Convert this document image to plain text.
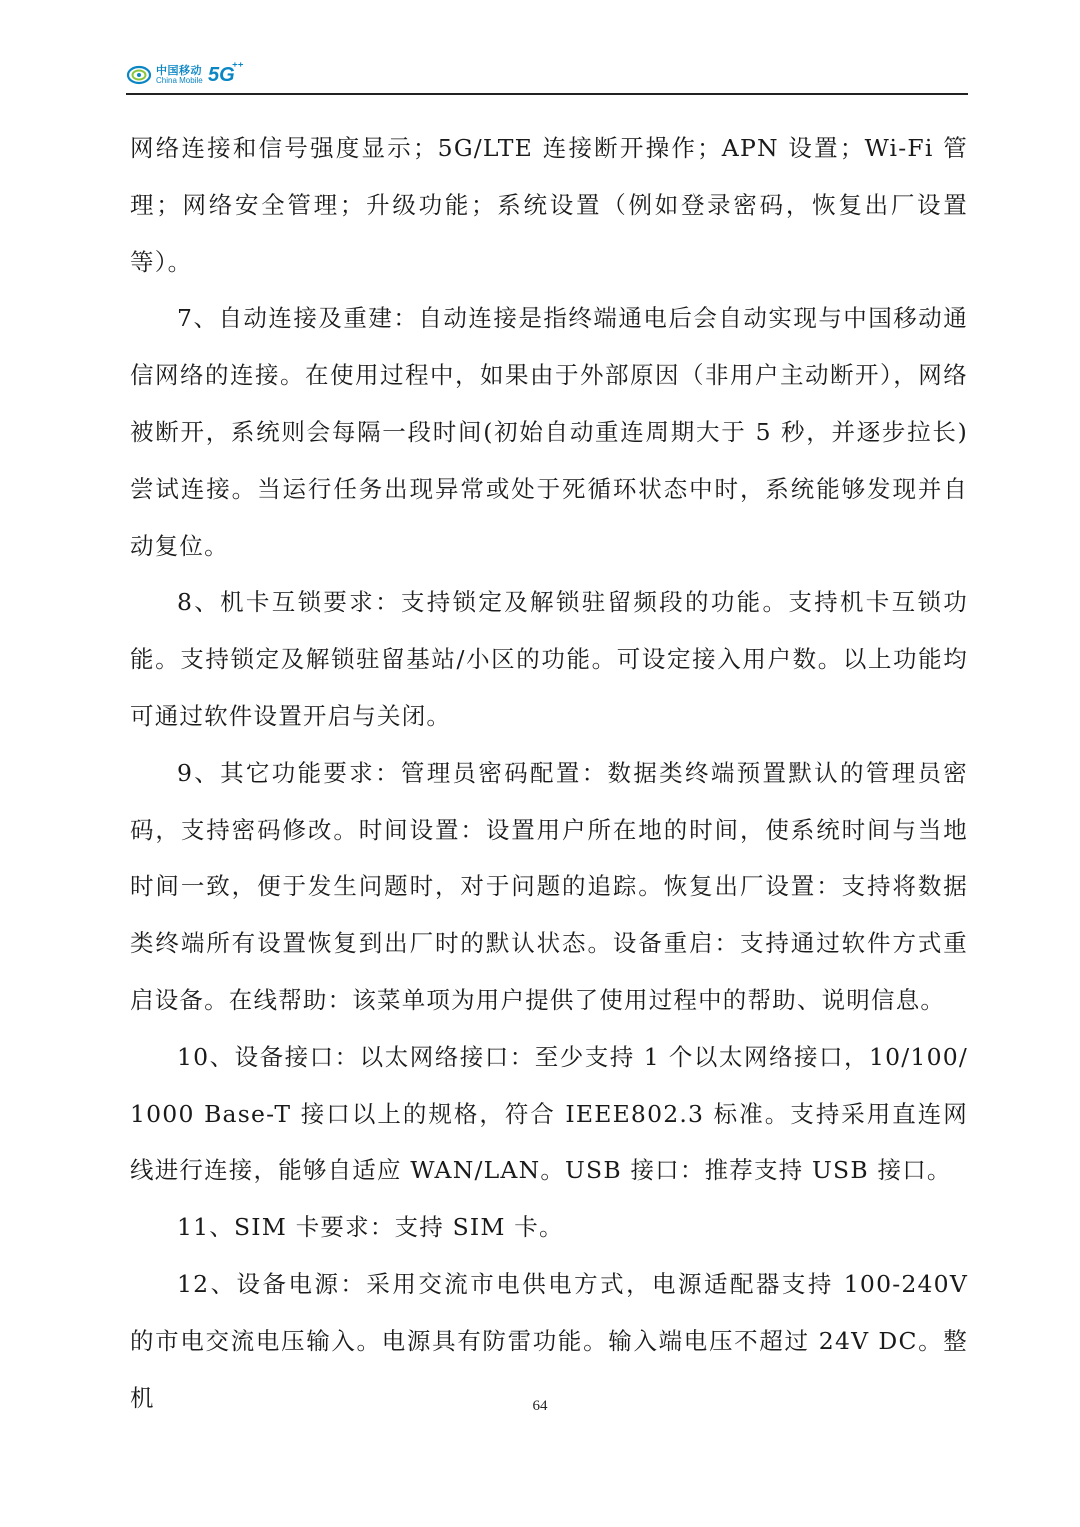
中国移动
China Mobile 5G
⁺⁺

网络连接和信号强度显示；5G/LTE 连接断开操作；APN 设置；Wi-Fi 管理；网络安全管理；升级功能；系统设置（例如登录密码，恢复出厂设置等）。

7、自动连接及重建：自动连接是指终端通电后会自动实现与中国移动通信网络的连接。在使用过程中，如果由于外部原因（非用户主动断开），网络被断开，系统则会每隔一段时间(初始自动重连周期大于 5 秒，并逐步拉长)尝试连接。当运行任务出现异常或处于死循环状态中时，系统能够发现并自动复位。

8、机卡互锁要求：支持锁定及解锁驻留频段的功能。支持机卡互锁功能。支持锁定及解锁驻留基站/小区的功能。可设定接入用户数。以上功能均可通过软件设置开启与关闭。

9、其它功能要求：管理员密码配置：数据类终端预置默认的管理员密码，支持密码修改。时间设置：设置用户所在地的时间，使系统时间与当地时间一致，便于发生问题时，对于问题的追踪。恢复出厂设置：支持将数据类终端所有设置恢复到出厂时的默认状态。设备重启：支持通过软件方式重启设备。在线帮助：该菜单项为用户提供了使用过程中的帮助、说明信息。

10、设备接口：以太网络接口：至少支持 1 个以太网络接口，10/100/1000 Base-T 接口以上的规格，符合 IEEE802.3 标准。支持采用直连网线进行连接，能够自适应 WAN/LAN。USB 接口：推荐支持 USB 接口。

11、SIM 卡要求：支持 SIM 卡。

12、设备电源：采用交流市电供电方式，电源适配器支持 100-240V 的市电交流电压输入。电源具有防雷功能。输入端电压不超过 24V DC。整机	64
